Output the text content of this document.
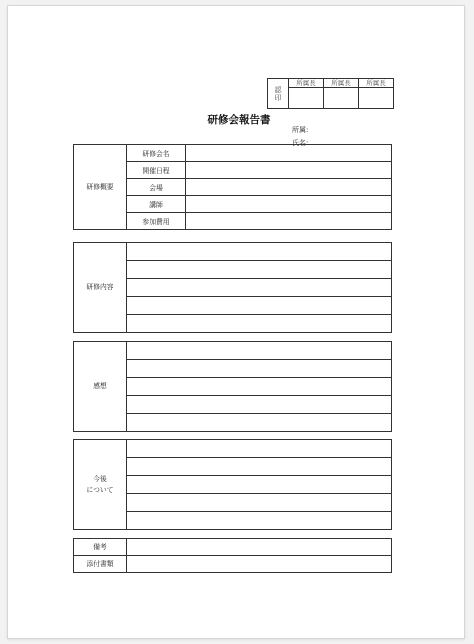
認印	所属長	所属長	所属長

研修会報告書
所属:
氏名:
研修概要	研修会名	
	開催日程	
	会場	
	講師	
	参加費用	
研修内容	

感想	

今後
について

備考	
添付書類	
